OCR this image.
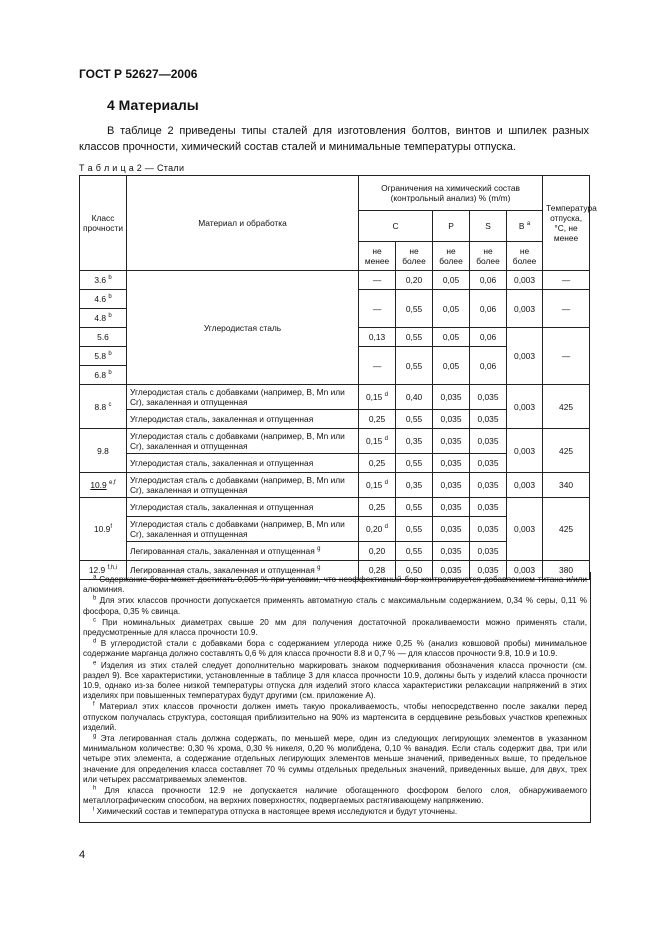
ГОСТ Р 52627—2006
4 Материалы
В таблице 2 приведены типы сталей для изготовления болтов, винтов и шпилек разных классов прочности, химический состав сталей и минимальные температуры отпуска.
Т а б л и ц а 2 — Стали
Класс прочности	Материал и обработка	Ограничения на химический состав (контрольный анализ) % (m/m)					Температура отпуска, °С, не менее
		C		P	S	B $^a$
		не менее	не более	не более	не более	не более	
3.6 $^b$	Углеродистая сталь	—	0,20	0,05	0,06	0,003	—
4.6 $^b$		—	0,55	0,05	0,06	0,003	—
4.8 $^b$
5.6		0,13	0,55	0,05	0,06	0,003	—
5.8 $^b$		—	0,55	0,05	0,06		
6.8 $^b$
8.8 $^c$	Углеродистая сталь с добавками (например, В, Mn или Cr), закаленная и отпущенная	0,15 $^d$	0,40	0,035	0,035	0,003	425
	Углеродистая сталь, закаленная и отпущенная	0,25	0,55	0,035	0,035		
9.8	Углеродистая сталь с добавками (например, В, Mn или Cr), закаленная и отпущенная	0,15 $^d$	0,35	0,035	0,035	0,003	425
	Углеродистая сталь, закаленная и отпущенная	0,25	0,55	0,035	0,035		
10.9 $^{e,f}$	Углеродистая сталь с добавками (например, В, Mn или Cr), закаленная и отпущенная	0,15 $^d$	0,35	0,035	0,035	0,003	340
10.9$^f$	Углеродистая сталь, закаленная и отпущенная	0,25	0,55	0,035	0,035	0,003	425
	Углеродистая сталь с добавками (например, В, Mn или Cr), закаленная и отпущенная	0,20 $^d$	0,55	0,035	0,035		
	Легированная сталь, закаленная и отпущенная $^g$	0,20	0,55	0,035	0,035		
12.9 $^{f,h,i}$	Легированная сталь, закаленная и отпущенная $^g$	0,28	0,50	0,035	0,035	0,003	380

$^а$ Содержание бора может достигать 0,005 % при условии, что неэффективный бор контролируется добавлением титана и/или алюминия.

$^b$ Для этих классов прочности допускается применять автоматную сталь с максимальным содержанием, 0,34 % серы, 0,11 % фосфора, 0,35 % свинца.

$^c$ При номинальных диаметрах свыше 20 мм для получения достаточной прокаливаемости можно применять стали, предусмотренные для класса прочности 10.9.

$^d$ В углеродистой стали с добавками бора с содержанием углерода ниже 0,25 % (анализ ковшовой пробы) минимальное содержание марганца должно составлять 0,6 % для класса прочности 8.8 и 0,7 % — для классов прочности 9.8, 10.9 и 10.9.

$^e$ Изделия из этих сталей следует дополнительно маркировать знаком подчеркивания обозначения класса прочности (см. раздел 9). Все характеристики, установленные в таблице 3 для класса прочности 10.9, должны быть у изделий класса прочности 10.9, однако из-за более низкой температуры отпуска для изделий этого класса характеристики релаксации напряжений в этих изделиях при повышенных температурах будут другими (см. приложение А).

$^f$ Материал этих классов прочности должен иметь такую прокаливаемость, чтобы непосредственно после закалки перед отпуском получалась структура, состоящая приблизительно на 90% из мартенсита в сердцевине резьбовых участков крепежных изделий.

$^g$ Эта легированная сталь должна содержать, по меньшей мере, один из следующих легирующих элементов в указанном минимальном количестве: 0,30 % хрома, 0,30 % никеля, 0,20 % молибдена, 0,10 % ванадия. Если сталь содержит два, три или четыре этих элемента, а содержание отдельных легирующих элементов меньше значений, приведенных выше, то предельное значение для определения класса составляет 70 % суммы отдельных предельных значений, приведенных выше, для двух, трех или четырех рассматриваемых элементов.

$^h$ Для класса прочности 12.9 не допускается наличие обогащенного фосфором белого слоя, обнаруживаемого металлографическим способом, на верхних поверхностях, подвергаемых растягивающему напряжению.

$^i$ Химический состав и температура отпуска в настоящее время исследуются и будут уточнены.

4
